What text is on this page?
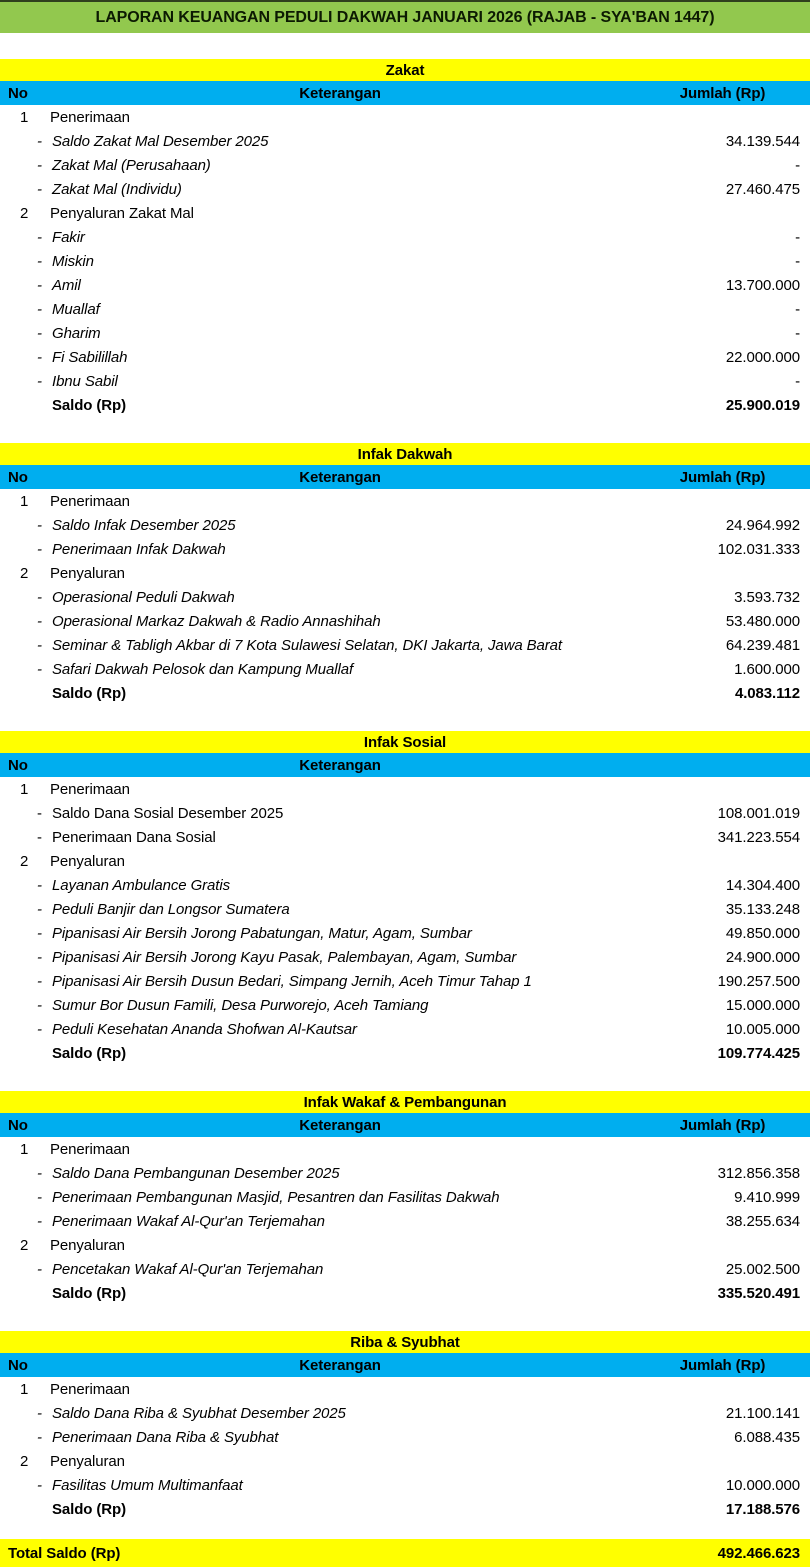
LAPORAN KEUANGAN PEDULI DAKWAH JANUARI 2026 (RAJAB - SYA'BAN 1447)
Zakat
No	Keterangan	Jumlah (Rp)
1 Penerimaan
- Saldo Zakat Mal Desember 2025	34.139.544
- Zakat Mal (Perusahaan)	-
- Zakat Mal (Individu)	27.460.475
2 Penyaluran Zakat Mal
- Fakir	-
- Miskin	-
- Amil	13.700.000
- Muallaf	-
- Gharim	-
- Fi Sabilillah	22.000.000
- Ibnu Sabil	-
Saldo (Rp)	25.900.019
Infak Dakwah
No	Keterangan	Jumlah (Rp)
1 Penerimaan
- Saldo Infak Desember 2025	24.964.992
- Penerimaan Infak Dakwah	102.031.333
2 Penyaluran
- Operasional Peduli Dakwah	3.593.732
- Operasional Markaz Dakwah & Radio Annashihah	53.480.000
- Seminar & Tabligh Akbar di 7 Kota Sulawesi Selatan, DKI Jakarta, Jawa Barat	64.239.481
- Safari Dakwah Pelosok dan Kampung Muallaf	1.600.000
Saldo (Rp)	4.083.112
Infak Sosial
No	Keterangan
1 Penerimaan
- Saldo Dana Sosial Desember 2025	108.001.019
- Penerimaan Dana Sosial	341.223.554
2 Penyaluran
- Layanan Ambulance Gratis	14.304.400
- Peduli Banjir dan Longsor Sumatera	35.133.248
- Pipanisasi Air Bersih Jorong Pabatungan, Matur, Agam, Sumbar	49.850.000
- Pipanisasi Air Bersih Jorong Kayu Pasak, Palembayan, Agam, Sumbar	24.900.000
- Pipanisasi Air Bersih Dusun Bedari, Simpang Jernih, Aceh Timur Tahap 1	190.257.500
- Sumur Bor Dusun Famili, Desa Purworejo, Aceh Tamiang	15.000.000
- Peduli Kesehatan Ananda Shofwan Al-Kautsar	10.005.000
Saldo (Rp)	109.774.425
Infak Wakaf & Pembangunan
No	Keterangan	Jumlah (Rp)
1 Penerimaan
- Saldo Dana Pembangunan Desember 2025	312.856.358
- Penerimaan Pembangunan Masjid, Pesantren dan Fasilitas Dakwah	9.410.999
- Penerimaan Wakaf Al-Qur'an Terjemahan	38.255.634
2 Penyaluran
- Pencetakan Wakaf Al-Qur'an Terjemahan	25.002.500
Saldo (Rp)	335.520.491
Riba & Syubhat
No	Keterangan	Jumlah (Rp)
1 Penerimaan
- Saldo Dana Riba & Syubhat Desember 2025	21.100.141
- Penerimaan Dana Riba & Syubhat	6.088.435
2 Penyaluran
- Fasilitas Umum Multimanfaat	10.000.000
Saldo (Rp)	17.188.576
Total Saldo (Rp)	492.466.623
